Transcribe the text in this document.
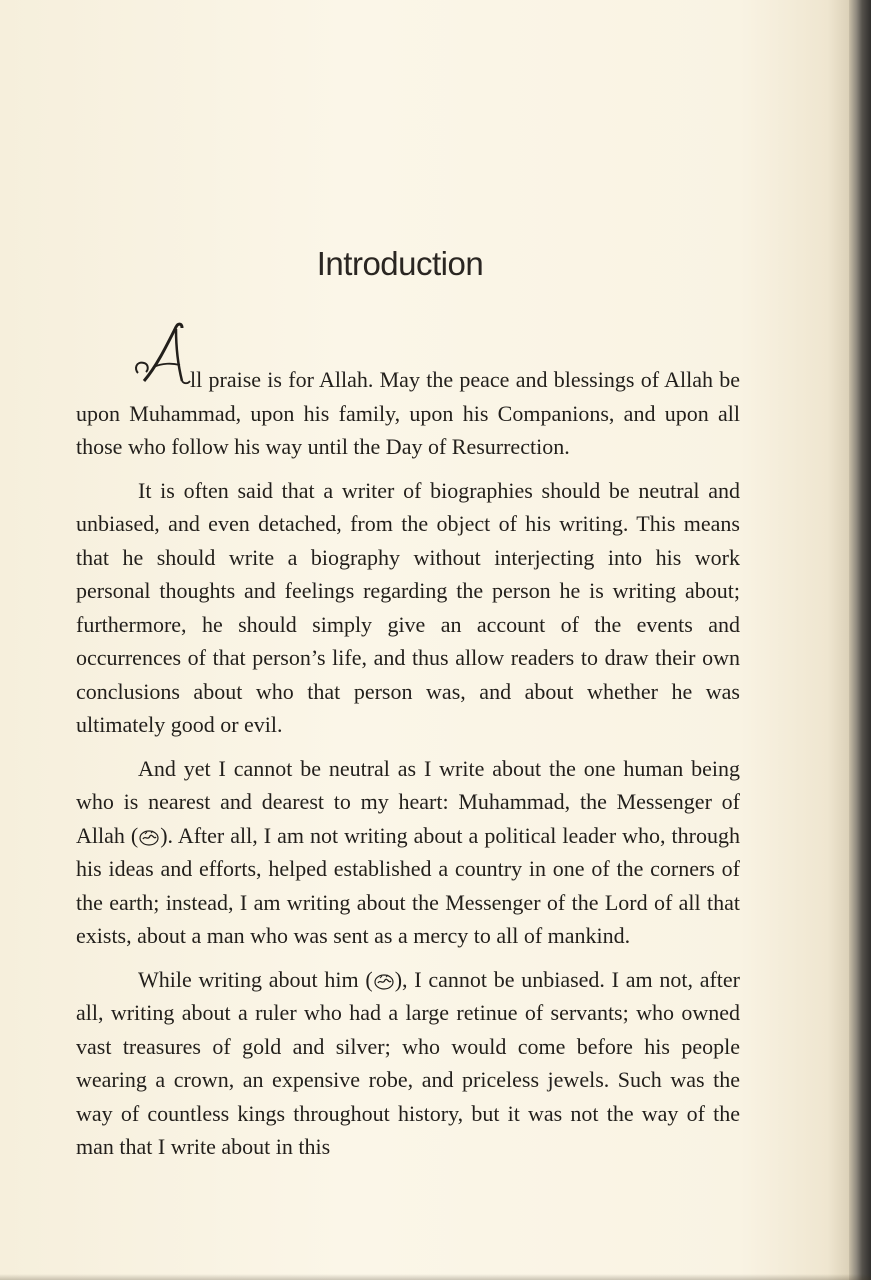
Introduction

ll praise is for Allah. May the peace and blessings of Allah be upon Muhammad, upon his family, upon his Companions, and upon all those who follow his way until the Day of Resurrection.

It is often said that a writer of biographies should be neutral and unbiased, and even detached, from the object of his writing. This means that he should write a biography without interjecting into his work personal thoughts and feelings regarding the person he is writing about; furthermore, he should simply give an account of the events and occurrences of that person’s life, and thus allow readers to draw their own conclusions about who that person was, and about whether he was ultimately good or evil.

And yet I cannot be neutral as I write about the one human being who is nearest and dearest to my heart: Muhammad, the Messenger of Allah ( ). After all, I am not writing about a political leader who, through his ideas and efforts, helped established a country in one of the corners of the earth; instead, I am writing about the Messenger of the Lord of all that exists, about a man who was sent as a mercy to all of mankind.

While writing about him ( ), I cannot be unbiased. I am not, after all, writing about a ruler who had a large retinue of servants; who owned vast treasures of gold and silver; who would come before his people wearing a crown, an expensive robe, and priceless jewels. Such was the way of countless kings throughout history, but it was not the way of the man that I write about in this
